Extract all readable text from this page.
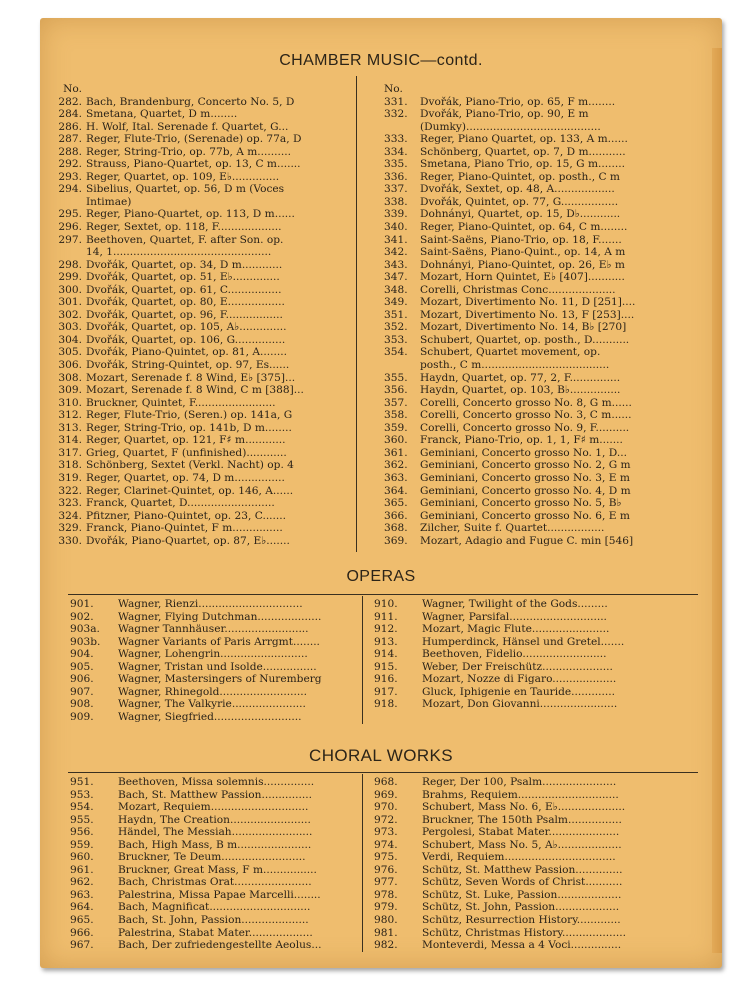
CHAMBER MUSIC—contd.
No.
282. Bach, Brandenburg, Concerto No. 5, D
284. Smetana, Quartet, D m........
286. H. Wolf, Ital. Serenade f. Quartet, G...
287. Reger, Flute-Trio, (Serenade) op. 77a, D
288. Reger, String-Trio, op. 77b, A m..........
292. Strauss, Piano-Quartet, op. 13, C m.......
293. Reger, Quartet, op. 109, E♭..............
294. Sibelius, Quartet, op. 56, D m (Voces
Intimae)
295. Reger, Piano-Quartet, op. 113, D m......
296. Reger, Sextet, op. 118, F...................
297. Beethoven, Quartet, F. after Son. op.
14, 1...............................................
298. Dvořák, Quartet, op. 34, D m............
299. Dvořák, Quartet, op. 51, E♭..............
300. Dvořák, Quartet, op. 61, C................
301. Dvořák, Quartet, op. 80, E.................
302. Dvořák, Quartet, op. 96, F.................
303. Dvořák, Quartet, op. 105, A♭..............
304. Dvořák, Quartet, op. 106, G...............
305. Dvořák, Piano-Quintet, op. 81, A........
306. Dvořák, String-Quintet, op. 97, Es......
308. Mozart, Serenade f. 8 Wind, E♭ [375]...
309. Mozart, Serenade f. 8 Wind, C m [388]...
310. Bruckner, Quintet, F........................
312. Reger, Flute-Trio, (Seren.) op. 141a, G
313. Reger, String-Trio, op. 141b, D m........
314. Reger, Quartet, op. 121, F♯ m............
317. Grieg, Quartet, F (unfinished)............
318. Schönberg, Sextet (Verkl. Nacht) op. 4
319. Reger, Quartet, op. 74, D m...............
322. Reger, Clarinet-Quintet, op. 146, A......
323. Franck, Quartet, D..........................
324. Pfitzner, Piano-Quintet, op. 23, C.......
329. Franck, Piano-Quintet, F m...............
330. Dvořák, Piano-Quartet, op. 87, E♭.......
No.
331. Dvořák, Piano-Trio, op. 65, F m........
332. Dvořák, Piano-Trio, op. 90, E m
(Dumky)........................................
333. Reger, Piano Quartet, op. 133, A m......
334. Schönberg, Quartet, op. 7, D m...........
335. Smetana, Piano Trio, op. 15, G m........
336. Reger, Piano-Quintet, op. posth., C m
337. Dvořák, Sextet, op. 48, A..................
338. Dvořák, Quintet, op. 77, G.................
339. Dohnányi, Quartet, op. 15, D♭............
340. Reger, Piano-Quintet, op. 64, C m........
341. Saint-Saëns, Piano-Trio, op. 18, F.......
342. Saint-Saëns, Piano-Quint., op. 14, A m
343. Dohnányi, Piano-Quintet, op. 26, E♭ m
347. Mozart, Horn Quintet, E♭ [407]...........
348. Corelli, Christmas Conc....................
349. Mozart, Divertimento No. 11, D [251]....
351. Mozart, Divertimento No. 13, F [253]....
352. Mozart, Divertimento No. 14, B♭ [270]
353. Schubert, Quartet, op. posth., D...........
354. Schubert, Quartet movement, op.
posth., C m......................................
355. Haydn, Quartet, op. 77, 2, F...............
356. Haydn, Quartet, op. 103, B♭...............
357. Corelli, Concerto grosso No. 8, G m......
358. Corelli, Concerto grosso No. 3, C m......
359. Corelli, Concerto grosso No. 9, F..........
360. Franck, Piano-Trio, op. 1, 1, F♯ m.......
361. Geminiani, Concerto grosso No. 1, D...
362. Geminiani, Concerto grosso No. 2, G m
363. Geminiani, Concerto grosso No. 3, E m
364. Geminiani, Concerto grosso No. 4, D m
365. Geminiani, Concerto grosso No. 5, B♭
366. Geminiani, Concerto grosso No. 6, E m
368. Zilcher, Suite f. Quartet.................
369. Mozart, Adagio and Fugue C. min [546]
OPERAS
901. Wagner, Rienzi...............................
902. Wagner, Flying Dutchman...................
903a. Wagner Tannhäuser.........................
903b. Wagner Variants of Paris Arrgmt........
904. Wagner, Lohengrin..........................
905. Wagner, Tristan und Isolde................
906. Wagner, Mastersingers of Nuremberg
907. Wagner, Rhinegold..........................
908. Wagner, The Valkyrie......................
909. Wagner, Siegfried..........................
910. Wagner, Twilight of the Gods.........
911. Wagner, Parsifal.............................
912. Mozart, Magic Flute.......................
913. Humperdinck, Hänsel und Gretel.......
914. Beethoven, Fidelio.........................
915. Weber, Der Freischütz.....................
916. Mozart, Nozze di Figaro...................
917. Gluck, Iphigenie en Tauride.............
918. Mozart, Don Giovanni.......................
CHORAL WORKS
951. Beethoven, Missa solemnis...............
953. Bach, St. Matthew Passion...............
954. Mozart, Requiem.............................
955. Haydn, The Creation........................
956. Händel, The Messiah........................
959. Bach, High Mass, B m......................
960. Bruckner, Te Deum.........................
961. Bruckner, Great Mass, F m................
962. Bach, Christmas Orat.......................
963. Palestrina, Missa Papae Marcelli........
964. Bach, Magnificat..............................
965. Bach, St. John, Passion....................
966. Palestrina, Stabat Mater...................
967. Bach, Der zufriedengestellte Aeolus...
968. Reger, Der 100, Psalm......................
969. Brahms, Requiem..............................
970. Schubert, Mass No. 6, E♭....................
972. Bruckner, The 150th Psalm................
973. Pergolesi, Stabat Mater.....................
974. Schubert, Mass No. 5, A♭...................
975. Verdi, Requiem.................................
976. Schütz, St. Matthew Passion..............
977. Schütz, Seven Words of Christ...........
978. Schütz, St. Luke, Passion...................
979. Schütz, St. John, Passion...................
980. Schütz, Resurrection History.............
981. Schütz, Christmas History...................
982. Monteverdi, Messa a 4 Voci...............
